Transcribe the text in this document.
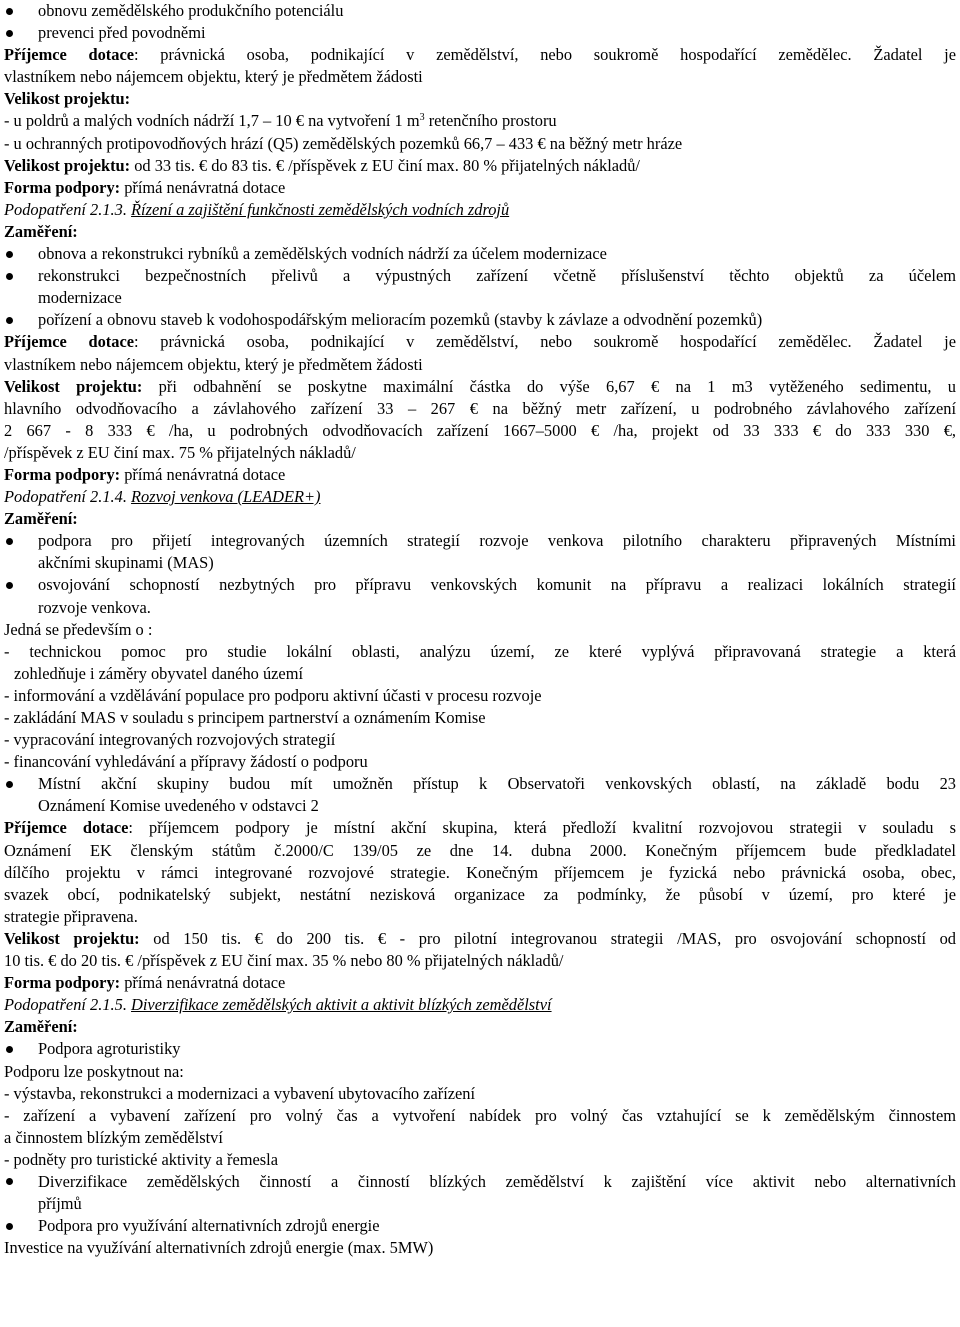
obnovu zemědělského produkčního potenciálu
prevenci před povodněmi
Příjemce dotace: právnická osoba, podnikající v zemědělství, nebo soukromě hospodařící zemědělec. Žadatel je
vlastníkem nebo nájemcem objektu, který je předmětem žádosti
Velikost projektu:
- u poldrů a malých vodních nádrží 1,7 – 10 € na vytvoření 1 $m^3$ retenčního prostoru
- u ochranných protipovodňových hrází (Q5) zemědělských pozemků 66,7 – 433 € na běžný metr hráze
Velikost projektu: od 33 tis. € do 83 tis. € /příspěvek z EU činí max. 80 % přijatelných nákladů/
Forma podpory: přímá nenávratná dotace
Podopatření 2.1.3. Řízení a zajištění funkčnosti zemědělských vodních zdrojů
Zaměření:
obnova a rekonstrukci rybníků a zemědělských vodních nádrží za účelem modernizace
rekonstrukci bezpečnostních přelivů a výpustných zařízení včetně příslušenství těchto objektů za účelem
modernizace
pořízení a obnovu staveb k vodohospodářským melioracím pozemků (stavby k závlaze a odvodnění pozemků)
Příjemce dotace: právnická osoba, podnikající v zemědělství, nebo soukromě hospodařící zemědělec. Žadatel je
vlastníkem nebo nájemcem objektu, který je předmětem žádosti
Velikost projektu: při odbahnění se poskytne maximální částka do výše 6,67 € na 1 m3 vytěženého sedimentu, u
hlavního odvodňovacího a závlahového zařízení 33 – 267 € na běžný metr zařízení, u podrobného závlahového zařízení
2 667 - 8 333 € /ha, u podrobných odvodňovacích zařízení 1667–5000 € /ha, projekt od 33 333 € do 333 330 €,
/příspěvek z EU činí max. 75 % přijatelných nákladů/
Forma podpory: přímá nenávratná dotace
Podopatření 2.1.4. Rozvoj venkova (LEADER+)
Zaměření:
podpora pro přijetí integrovaných územních strategií rozvoje venkova pilotního charakteru připravených Místními
akčními skupinami (MAS)
osvojování schopností nezbytných pro přípravu venkovských komunit na přípravu a realizaci lokálních strategií
rozvoje venkova.
Jedná se především o :
- technickou pomoc pro studie lokální oblasti, analýzu území, ze které vyplývá připravovaná strategie a která
zohledňuje i záměry obyvatel daného území
- informování a vzdělávání populace pro podporu aktivní účasti v procesu rozvoje
- zakládání MAS v souladu s principem partnerství a oznámením Komise
- vypracování integrovaných rozvojových strategií
- financování vyhledávání a přípravy žádostí o podporu
Místní akční skupiny budou mít umožněn přístup k Observatoři venkovských oblastí, na základě bodu 23
Oznámení Komise uvedeného v odstavci 2
Příjemce dotace: příjemcem podpory je místní akční skupina, která předloží kvalitní rozvojovou strategii v souladu s
Oznámení EK členským státům č.2000/C 139/05 ze dne 14. dubna 2000. Konečným příjemcem bude předkladatel
dílčího projektu v rámci integrované rozvojové strategie. Konečným příjemcem je fyzická nebo právnická osoba, obec,
svazek obcí, podnikatelský subjekt, nestátní nezisková organizace za podmínky, že působí v území, pro které je
strategie připravena.
Velikost projektu: od 150 tis. € do 200 tis. € - pro pilotní integrovanou strategii /MAS, pro osvojování schopností od
10 tis. € do 20 tis. € /příspěvek z EU činí max. 35 % nebo 80 % přijatelných nákladů/
Forma podpory: přímá nenávratná dotace
Podopatření 2.1.5. Diverzifikace zemědělských aktivit a aktivit blízkých zemědělství
Zaměření:
Podpora agroturistiky
Podporu lze poskytnout na:
- výstavba, rekonstrukci a modernizaci a vybavení ubytovacího zařízení
- zařízení a vybavení zařízení pro volný čas a vytvoření nabídek pro volný čas vztahující se k zemědělským činnostem
a činnostem blízkým zemědělství
- podněty pro turistické aktivity a řemesla
Diverzifikace zemědělských činností a činností blízkých zemědělství k zajištění více aktivit nebo alternativních
příjmů
Podpora pro využívání alternativních zdrojů energie
Investice na využívání alternativních zdrojů energie (max. 5MW)
